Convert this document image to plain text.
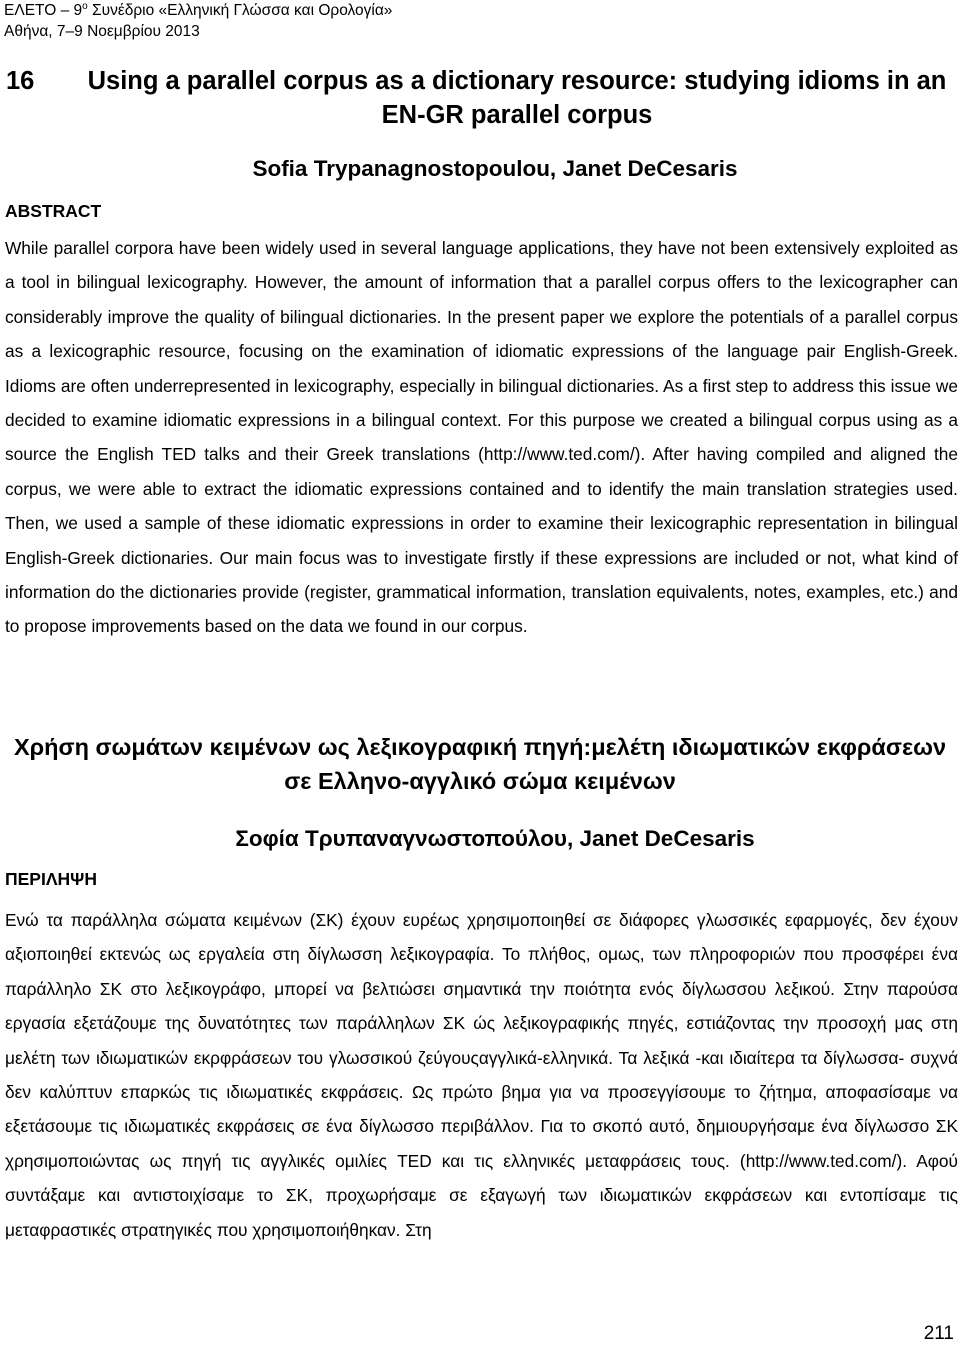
ΕΛΕΤΟ – $9^o$ Συνέδριο «Ελληνική Γλώσσα και Ορολογία»
Αθήνα, 7–9 Νοεμβρίου 2013
16	Using a parallel corpus as a dictionary resource: studying idioms in an EN-GR parallel corpus
Sofia Trypanagnostopoulou, Janet DeCesaris
ABSTRACT

While parallel corpora have been widely used in several language applications, they have not been extensively exploited as a tool in bilingual lexicography. However, the amount of information that a parallel corpus offers to the lexicographer can considerably improve the quality of bilingual dictionaries. In the present paper we explore the potentials of a parallel corpus as a lexicographic resource, focusing on the examination of idiomatic expressions of the language pair English-Greek. Idioms are often underrepresented in lexicography, especially in bilingual dictionaries. As a first step to address this issue we decided to examine idiomatic expressions in a bilingual context. For this purpose we created a bilingual corpus using as a source the English TED talks and their Greek translations (http://www.ted.com/). After having compiled and aligned the corpus, we were able to extract the idiomatic expressions contained and to identify the main translation strategies used. Then, we used a sample of these idiomatic expressions in order to examine their lexicographic representation in bilingual English-Greek dictionaries. Our main focus was to investigate firstly if these expressions are included or not, what kind of information do the dictionaries provide (register, grammatical information, translation equivalents, notes, examples, etc.) and to propose improvements based on the data we found in our corpus.

Χρήση σωμάτων κειμένων ως λεξικογραφική πηγή:μελέτη ιδιωματικών εκφράσεων σε Ελληνο-αγγλικό σώμα κειμένων
Σοφία Τρυπαναγνωστοπούλου, Janet DeCesaris
ΠΕΡΙΛΗΨΗ

Ενώ τα παράλληλα σώματα κειμένων (ΣΚ) έχουν ευρέως χρησιμοποιηθεί σε διάφορες γλωσσικές εφαρμογές, δεν έχουν αξιοποιηθεί εκτενώς ως εργαλεία στη δίγλωσση λεξικογραφία. Το πλήθος, ομως, των πληροφοριών που προσφέρει ένα παράλληλο ΣΚ στο λεξικογράφο, μπορεί να βελτιώσει σημαντικά την ποιότητα ενός δίγλωσσου λεξικού. Στην παρούσα εργασία εξετάζουμε της δυνατότητες των παράλληλων ΣΚ ώς λεξικογραφικής πηγές, εστιάζοντας την προσοχή μας στη μελέτη των ιδιωματικών εκρφράσεων του γλωσσικού ζεύγουςαγγλικά-ελληνικά. Τα λεξικά -και ιδιαίτερα τα δίγλωσσα- συχνά δεν καλύπτυν επαρκώς τις ιδιωματικές εκφράσεις. Ως πρώτο βημα για να προσεγγίσουμε το ζήτημα, αποφασίσαμε να εξετάσουμε τις ιδιωματικές εκφράσεις σε ένα δίγλωσσο περιβάλλον. Για το σκοπό αυτό, δημιουργήσαμε ένα δίγλωσσο ΣΚ χρησιμοποιώντας ως πηγή τις αγγλικές ομιλίες TED και τις ελληνικές μεταφράσεις τους. (http://www.ted.com/). Αφού συντάξαμε και αντιστοιχίσαμε το ΣΚ, προχωρήσαμε σε εξαγωγή των ιδιωματικών εκφράσεων και εντοπίσαμε τις μεταφραστικές στρατηγικές που χρησιμοποιήθηκαν. Στη

211
